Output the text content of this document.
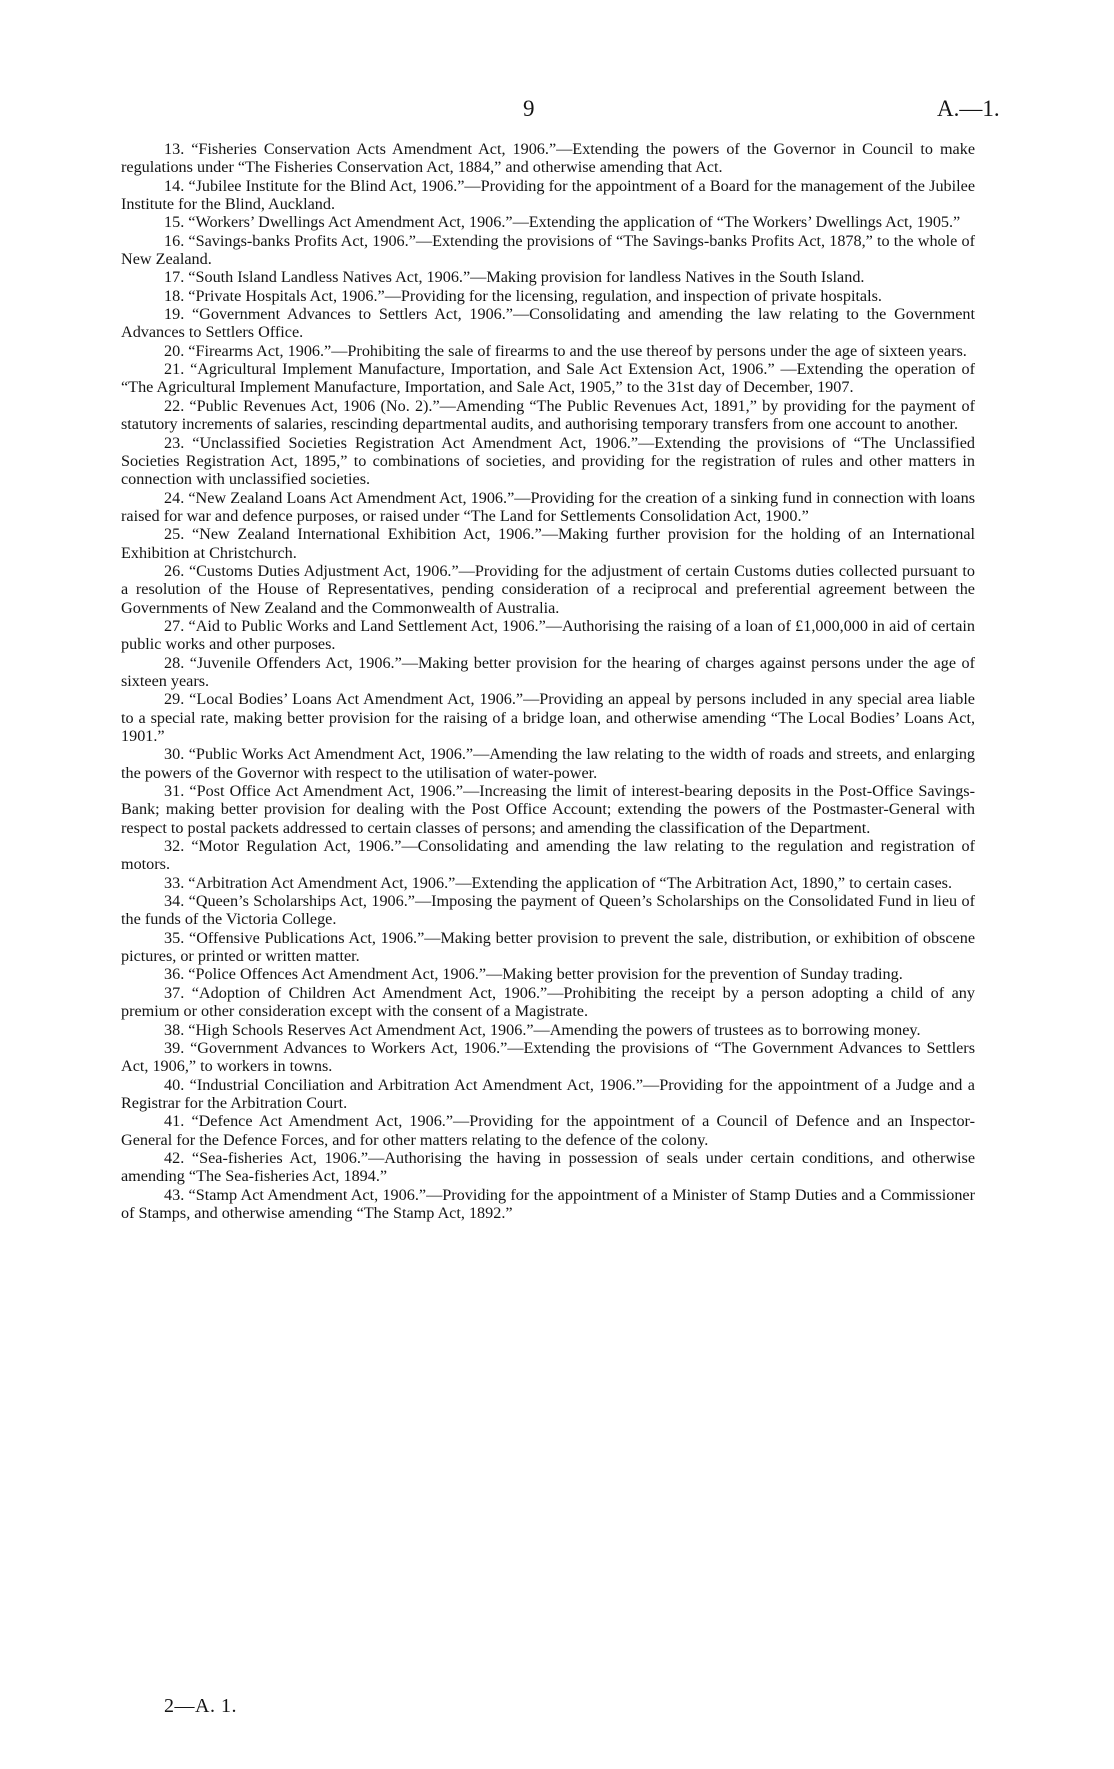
9	A.—1.

13. “Fisheries Conservation Acts Amendment Act, 1906.”—Extending the powers of the Governor in Council to make regulations under “The Fisheries Conservation Act, 1884,” and otherwise amending that Act.

14. “Jubilee Institute for the Blind Act, 1906.”—Providing for the appointment of a Board for the management of the Jubilee Institute for the Blind, Auckland.

15. “Workers’ Dwellings Act Amendment Act, 1906.”—Extending the application of “The Workers’ Dwellings Act, 1905.”

16. “Savings-banks Profits Act, 1906.”—Extending the provisions of “The Savings-banks Profits Act, 1878,” to the whole of New Zealand.

17. “South Island Landless Natives Act, 1906.”—Making provision for landless Natives in the South Island.

18. “Private Hospitals Act, 1906.”—Providing for the licensing, regulation, and inspection of private hospitals.

19. “Government Advances to Settlers Act, 1906.”—Consolidating and amending the law relating to the Government Advances to Settlers Office.

20. “Firearms Act, 1906.”—Prohibiting the sale of firearms to and the use thereof by persons under the age of sixteen years.

21. “Agricultural Implement Manufacture, Importation, and Sale Act Extension Act, 1906.” —Extending the operation of “The Agricultural Implement Manufacture, Importation, and Sale Act, 1905,” to the 31st day of December, 1907.

22. “Public Revenues Act, 1906 (No. 2).”—Amending “The Public Revenues Act, 1891,” by providing for the payment of statutory increments of salaries, rescinding departmental audits, and authorising temporary transfers from one account to another.

23. “Unclassified Societies Registration Act Amendment Act, 1906.”—Extending the provisions of “The Unclassified Societies Registration Act, 1895,” to combinations of societies, and providing for the registration of rules and other matters in connection with unclassified societies.

24. “New Zealand Loans Act Amendment Act, 1906.”—Providing for the creation of a sinking fund in connection with loans raised for war and defence purposes, or raised under “The Land for Settlements Consolidation Act, 1900.”

25. “New Zealand International Exhibition Act, 1906.”—Making further provision for the holding of an International Exhibition at Christchurch.

26. “Customs Duties Adjustment Act, 1906.”—Providing for the adjustment of certain Customs duties collected pursuant to a resolution of the House of Representatives, pending consideration of a reciprocal and preferential agreement between the Governments of New Zealand and the Commonwealth of Australia.

27. “Aid to Public Works and Land Settlement Act, 1906.”—Authorising the raising of a loan of £1,000,000 in aid of certain public works and other purposes.

28. “Juvenile Offenders Act, 1906.”—Making better provision for the hearing of charges against persons under the age of sixteen years.

29. “Local Bodies’ Loans Act Amendment Act, 1906.”—Providing an appeal by persons included in any special area liable to a special rate, making better provision for the raising of a bridge loan, and otherwise amending “The Local Bodies’ Loans Act, 1901.”

30. “Public Works Act Amendment Act, 1906.”—Amending the law relating to the width of roads and streets, and enlarging the powers of the Governor with respect to the utilisation of water-power.

31. “Post Office Act Amendment Act, 1906.”—Increasing the limit of interest-bearing deposits in the Post-Office Savings-Bank; making better provision for dealing with the Post Office Account; extending the powers of the Postmaster-General with respect to postal packets addressed to certain classes of persons; and amending the classification of the Department.

32. “Motor Regulation Act, 1906.”—Consolidating and amending the law relating to the regulation and registration of motors.

33. “Arbitration Act Amendment Act, 1906.”—Extending the application of “The Arbitration Act, 1890,” to certain cases.

34. “Queen’s Scholarships Act, 1906.”—Imposing the payment of Queen’s Scholarships on the Consolidated Fund in lieu of the funds of the Victoria College.

35. “Offensive Publications Act, 1906.”—Making better provision to prevent the sale, distribution, or exhibition of obscene pictures, or printed or written matter.

36. “Police Offences Act Amendment Act, 1906.”—Making better provision for the prevention of Sunday trading.

37. “Adoption of Children Act Amendment Act, 1906.”—Prohibiting the receipt by a person adopting a child of any premium or other consideration except with the consent of a Magistrate.

38. “High Schools Reserves Act Amendment Act, 1906.”—Amending the powers of trustees as to borrowing money.

39. “Government Advances to Workers Act, 1906.”—Extending the provisions of “The Government Advances to Settlers Act, 1906,” to workers in towns.

40. “Industrial Conciliation and Arbitration Act Amendment Act, 1906.”—Providing for the appointment of a Judge and a Registrar for the Arbitration Court.

41. “Defence Act Amendment Act, 1906.”—Providing for the appointment of a Council of Defence and an Inspector-General for the Defence Forces, and for other matters relating to the defence of the colony.

42. “Sea-fisheries Act, 1906.”—Authorising the having in possession of seals under certain conditions, and otherwise amending “The Sea-fisheries Act, 1894.”

43. “Stamp Act Amendment Act, 1906.”—Providing for the appointment of a Minister of Stamp Duties and a Commissioner of Stamps, and otherwise amending “The Stamp Act, 1892.”

2—A. 1.
